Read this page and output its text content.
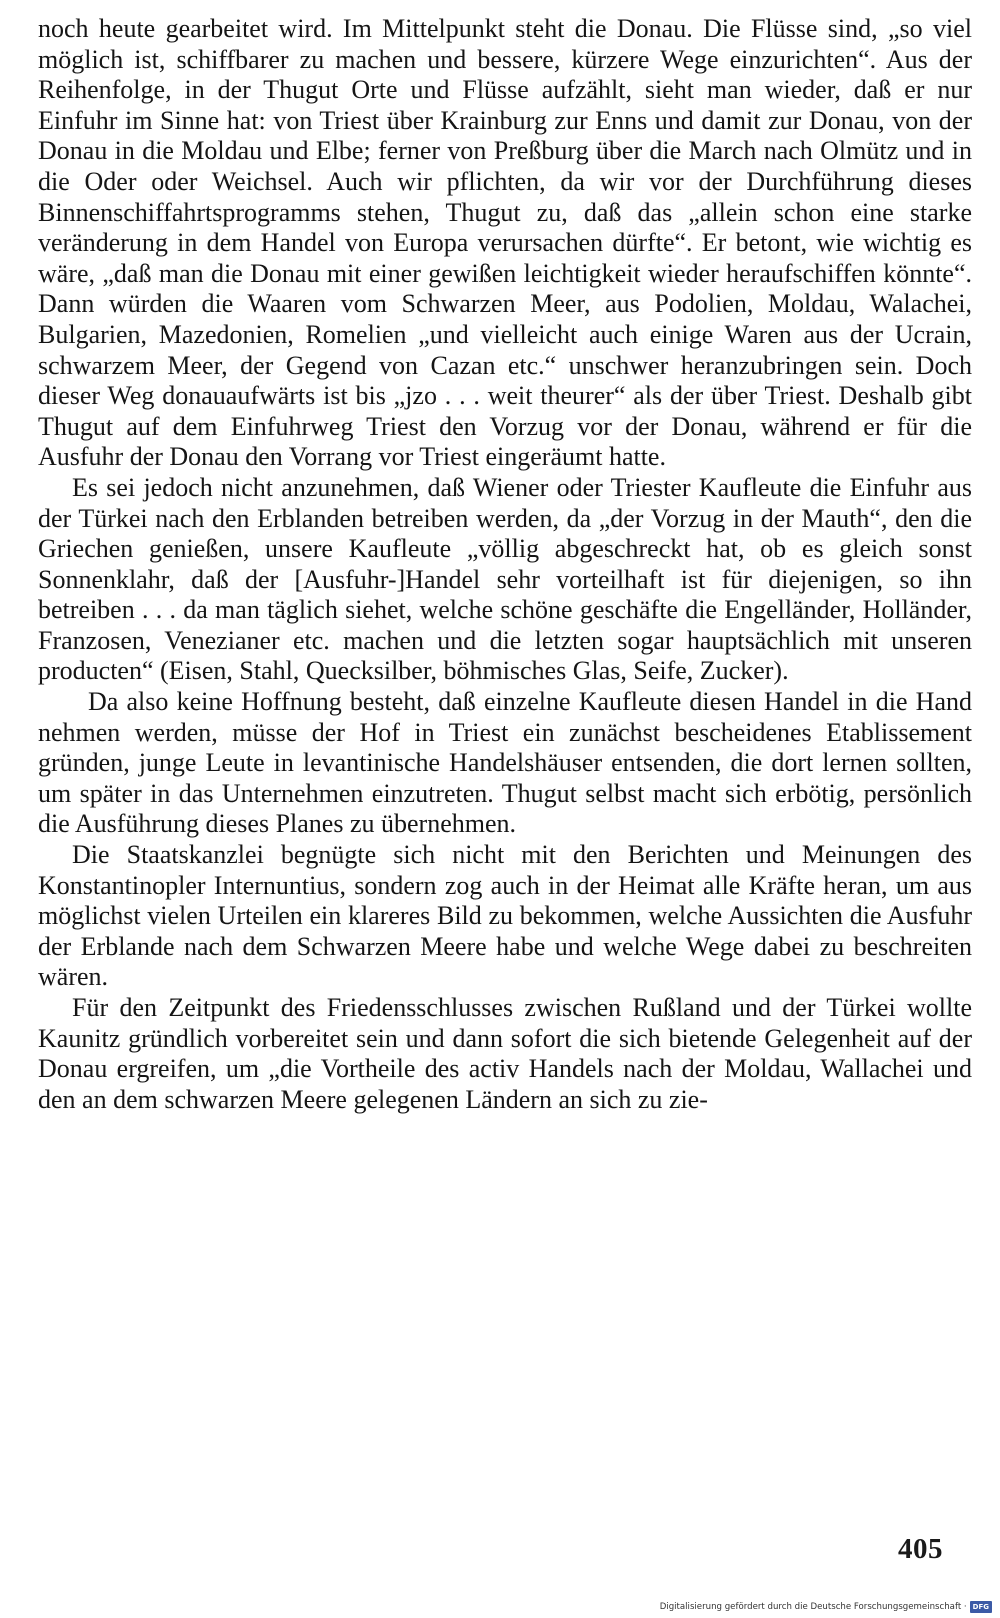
noch heute gearbeitet wird. Im Mittelpunkt steht die Donau. Die Flüsse sind, „so viel möglich ist, schiffbarer zu machen und bessere, kürzere Wege einzurichten“. Aus der Reihenfolge, in der Thugut Orte und Flüsse aufzählt, sieht man wieder, daß er nur Einfuhr im Sinne hat: von Triest über Krainburg zur Enns und damit zur Donau, von der Donau in die Moldau und Elbe; ferner von Preßburg über die March nach Olmütz und in die Oder oder Weichsel. Auch wir pflichten, da wir vor der Durchführung dieses Binnenschiffahrtsprogramms stehen, Thugut zu, daß das „allein schon eine starke veränderung in dem Handel von Europa verursachen dürfte“. Er betont, wie wichtig es wäre, „daß man die Donau mit einer gewißen leichtigkeit wieder heraufschiffen könnte“. Dann würden die Waaren vom Schwarzen Meer, aus Podolien, Moldau, Walachei, Bulgarien, Mazedonien, Romelien „und vielleicht auch einige Waren aus der Ucrain, schwarzem Meer, der Gegend von Cazan etc.“ unschwer heranzubringen sein. Doch dieser Weg donauaufwärts ist bis „jzo . . . weit theurer“ als der über Triest. Deshalb gibt Thugut auf dem Einfuhrweg Triest den Vorzug vor der Donau, während er für die Ausfuhr der Donau den Vorrang vor Triest eingeräumt hatte.

Es sei jedoch nicht anzunehmen, daß Wiener oder Triester Kaufleute die Einfuhr aus der Türkei nach den Erblanden betreiben werden, da „der Vorzug in der Mauth“, den die Griechen genießen, unsere Kaufleute „völlig abgeschreckt hat, ob es gleich sonst Sonnenklahr, daß der [Ausfuhr-]Handel sehr vorteilhaft ist für diejenigen, so ihn betreiben . . . da man täglich siehet, welche schöne geschäfte die Engelländer, Holländer, Franzosen, Venezianer etc. machen und die letzten sogar hauptsächlich mit unseren producten“ (Eisen, Stahl, Quecksilber, böhmisches Glas, Seife, Zucker).

Da also keine Hoffnung besteht, daß einzelne Kaufleute diesen Handel in die Hand nehmen werden, müsse der Hof in Triest ein zunächst bescheidenes Etablissement gründen, junge Leute in levantinische Handelshäuser entsenden, die dort lernen sollten, um später in das Unternehmen einzutreten. Thugut selbst macht sich erbötig, persönlich die Ausführung dieses Planes zu übernehmen.

Die Staatskanzlei begnügte sich nicht mit den Berichten und Meinungen des Konstantinopler Internuntius, sondern zog auch in der Heimat alle Kräfte heran, um aus möglichst vielen Urteilen ein klareres Bild zu bekommen, welche Aussichten die Ausfuhr der Erblande nach dem Schwarzen Meere habe und welche Wege dabei zu beschreiten wären.

Für den Zeitpunkt des Friedensschlusses zwischen Rußland und der Türkei wollte Kaunitz gründlich vorbereitet sein und dann sofort die sich bietende Gelegenheit auf der Donau ergreifen, um „die Vortheile des activ Handels nach der Moldau, Wallachei und den an dem schwarzen Meere gelegenen Ländern an sich zu zie-

405
Digitalisierung gefördert durch die Deutsche Forschungsgemeinschaft · DFG
